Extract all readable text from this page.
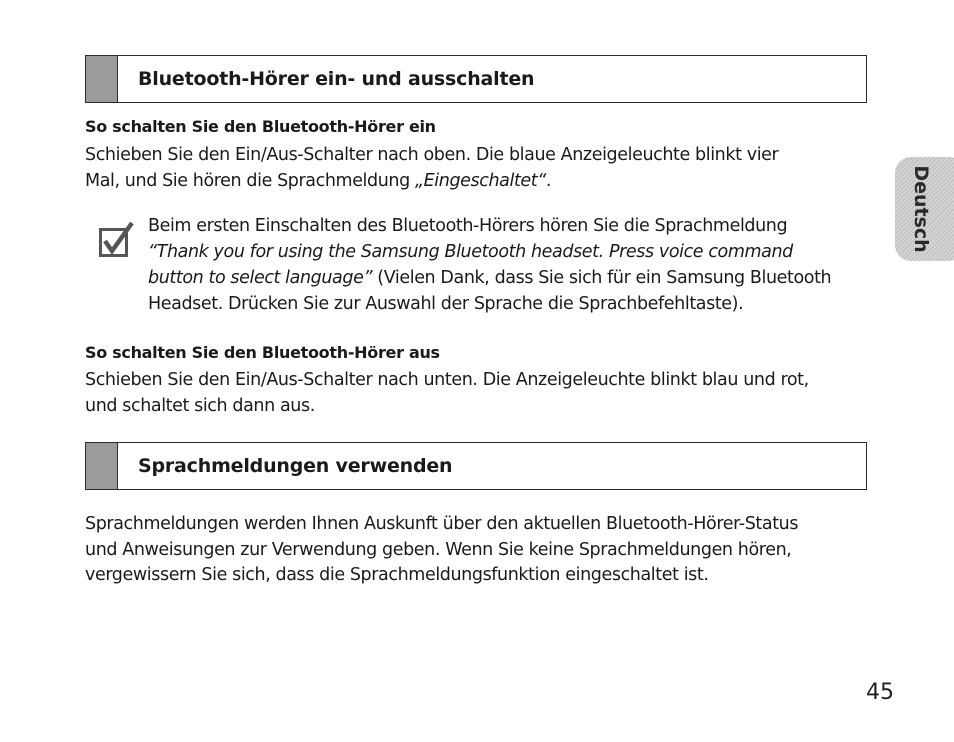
Bluetooth-Hörer ein- und ausschalten
So schalten Sie den Bluetooth-Hörer ein
Schieben Sie den Ein/Aus-Schalter nach oben. Die blaue Anzeigeleuchte blinkt vier
Mal, und Sie hören die Sprachmeldung „Eingeschaltet“.
Beim ersten Einschalten des Bluetooth-Hörers hören Sie die Sprachmeldung
“Thank you for using the Samsung Bluetooth headset. Press voice command
button to select language” (Vielen Dank, dass Sie sich für ein Samsung Bluetooth
Headset. Drücken Sie zur Auswahl der Sprache die Sprachbefehltaste).
So schalten Sie den Bluetooth-Hörer aus
Schieben Sie den Ein/Aus-Schalter nach unten. Die Anzeigeleuchte blinkt blau und rot,
und schaltet sich dann aus.
Sprachmeldungen verwenden
Sprachmeldungen werden Ihnen Auskunft über den aktuellen Bluetooth-Hörer-Status
und Anweisungen zur Verwendung geben. Wenn Sie keine Sprachmeldungen hören,
vergewissern Sie sich, dass die Sprachmeldungsfunktion eingeschaltet ist.
Deutsch
45
